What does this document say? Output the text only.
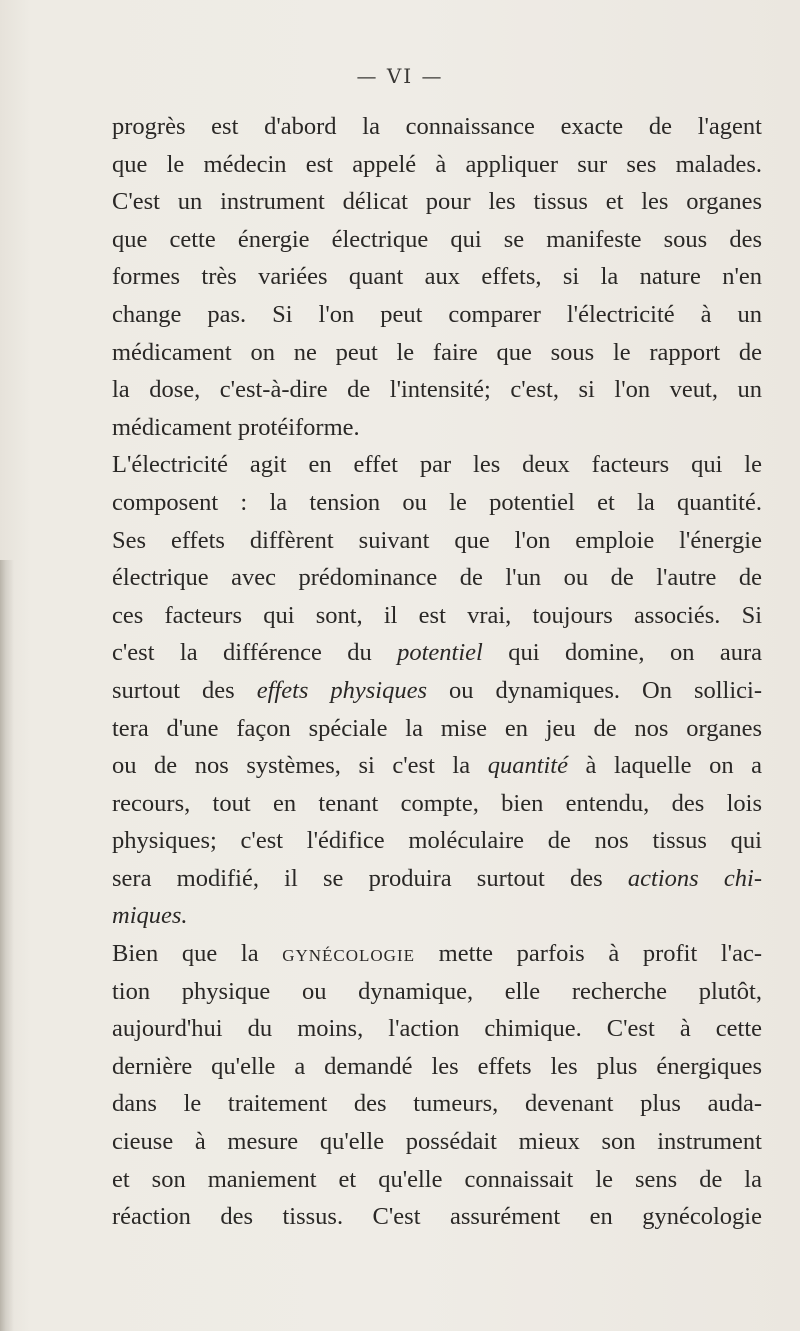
— VI —

progrès est d'abord la connaissance exacte de l'agent
que le médecin est appelé à appliquer sur ses malades.
C'est un instrument délicat pour les tissus et les organes
que cette énergie électrique qui se manifeste sous des
formes très variées quant aux effets, si la nature n'en
change pas. Si l'on peut comparer l'électricité à un
médicament on ne peut le faire que sous le rapport de
la dose, c'est-à-dire de l'intensité; c'est, si l'on veut, un
médicament protéiforme.

L'électricité agit en effet par les deux facteurs qui le
composent : la tension ou le potentiel et la quantité.
Ses effets diffèrent suivant que l'on emploie l'énergie
électrique avec prédominance de l'un ou de l'autre de
ces facteurs qui sont, il est vrai, toujours associés. Si
c'est la différence du potentiel qui domine, on aura
surtout des effets physiques ou dynamiques. On sollici-
tera d'une façon spéciale la mise en jeu de nos organes
ou de nos systèmes, si c'est la quantité à laquelle on a
recours, tout en tenant compte, bien entendu, des lois
physiques; c'est l'édifice moléculaire de nos tissus qui
sera modifié, il se produira surtout des actions chi-
miques.

Bien que la gynécologie mette parfois à profit l'ac-
tion physique ou dynamique, elle recherche plutôt,
aujourd'hui du moins, l'action chimique. C'est à cette
dernière qu'elle a demandé les effets les plus énergiques
dans le traitement des tumeurs, devenant plus auda-
cieuse à mesure qu'elle possédait mieux son instrument
et son maniement et qu'elle connaissait le sens de la
réaction des tissus. C'est assurément en gynécologie
